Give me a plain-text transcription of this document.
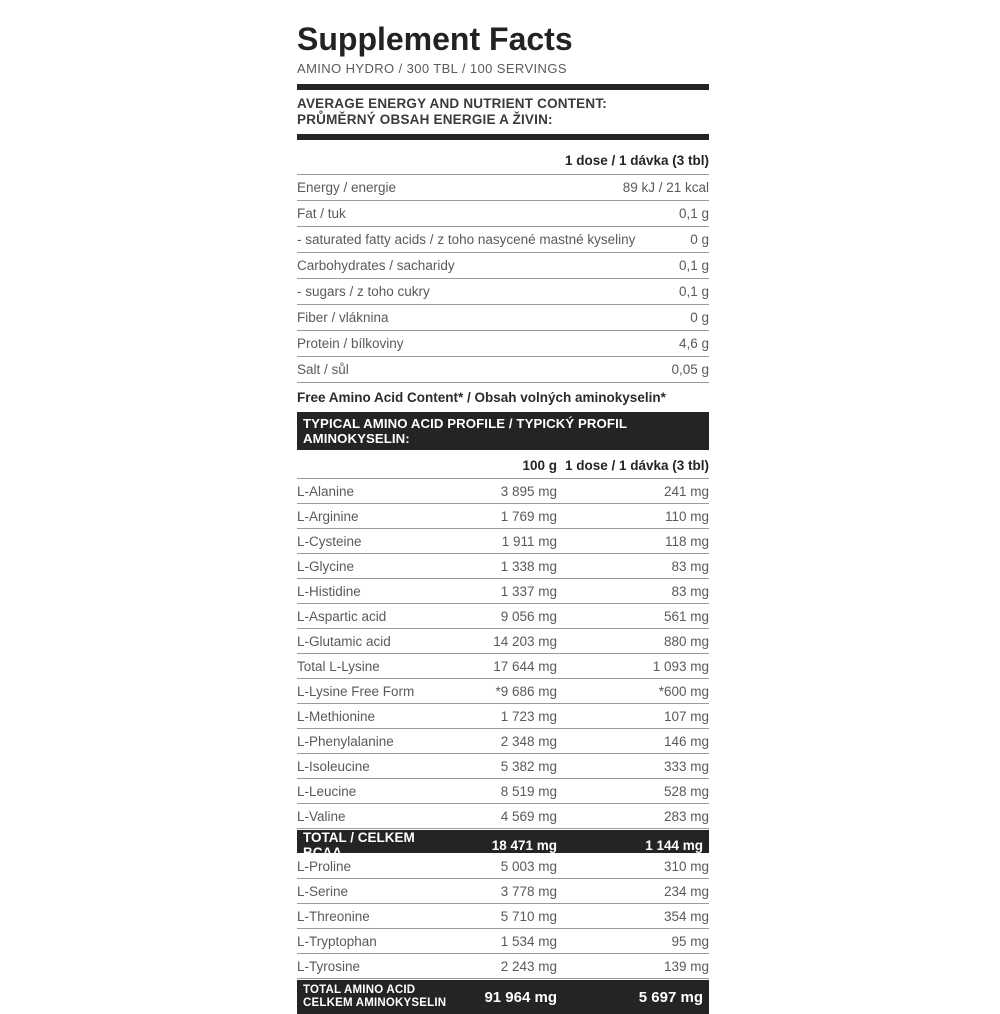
Supplement Facts
AMINO HYDRO / 300 TBL / 100 SERVINGS
AVERAGE ENERGY AND NUTRIENT CONTENT:
PRŮMĚRNÝ OBSAH ENERGIE A ŽIVIN:
1 dose / 1 dávka (3 tbl)
Energy / energie	89 kJ / 21 kcal
Fat / tuk	0,1 g
- saturated fatty acids / z toho nasycené mastné kyseliny	0 g
Carbohydrates / sacharidy	0,1 g
- sugars / z toho cukry	0,1 g
Fiber / vláknina	0 g
Protein / bílkoviny	4,6 g
Salt / sůl	0,05 g
Free Amino Acid Content* / Obsah volných aminokyselin*
TYPICAL AMINO ACID PROFILE / TYPICKÝ PROFIL AMINOKYSELIN:
100 g 1 dose / 1 dávka (3 tbl)
L-Alanine	3 895 mg	241 mg
L-Arginine	1 769 mg	110 mg
L-Cysteine	1 911 mg	118 mg
L-Glycine	1 338 mg	83 mg
L-Histidine	1 337 mg	83 mg
L-Aspartic acid	9 056 mg	561 mg
L-Glutamic acid	14 203 mg	880 mg
Total L-Lysine	17 644 mg	1 093 mg
L-Lysine Free Form	*9 686 mg	*600 mg
L-Methionine	1 723 mg	107 mg
L-Phenylalanine	2 348 mg	146 mg
L-Isoleucine	5 382 mg	333 mg
L-Leucine	8 519 mg	528 mg
L-Valine	4 569 mg	283 mg
TOTAL / CELKEM BCAA	18 471 mg	1 144 mg
L-Proline	5 003 mg	310 mg
L-Serine	3 778 mg	234 mg
L-Threonine	5 710 mg	354 mg
L-Tryptophan	1 534 mg	95 mg
L-Tyrosine	2 243 mg	139 mg
TOTAL AMINO ACID
CELKEM AMINOKYSELIN	91 964 mg	5 697 mg
